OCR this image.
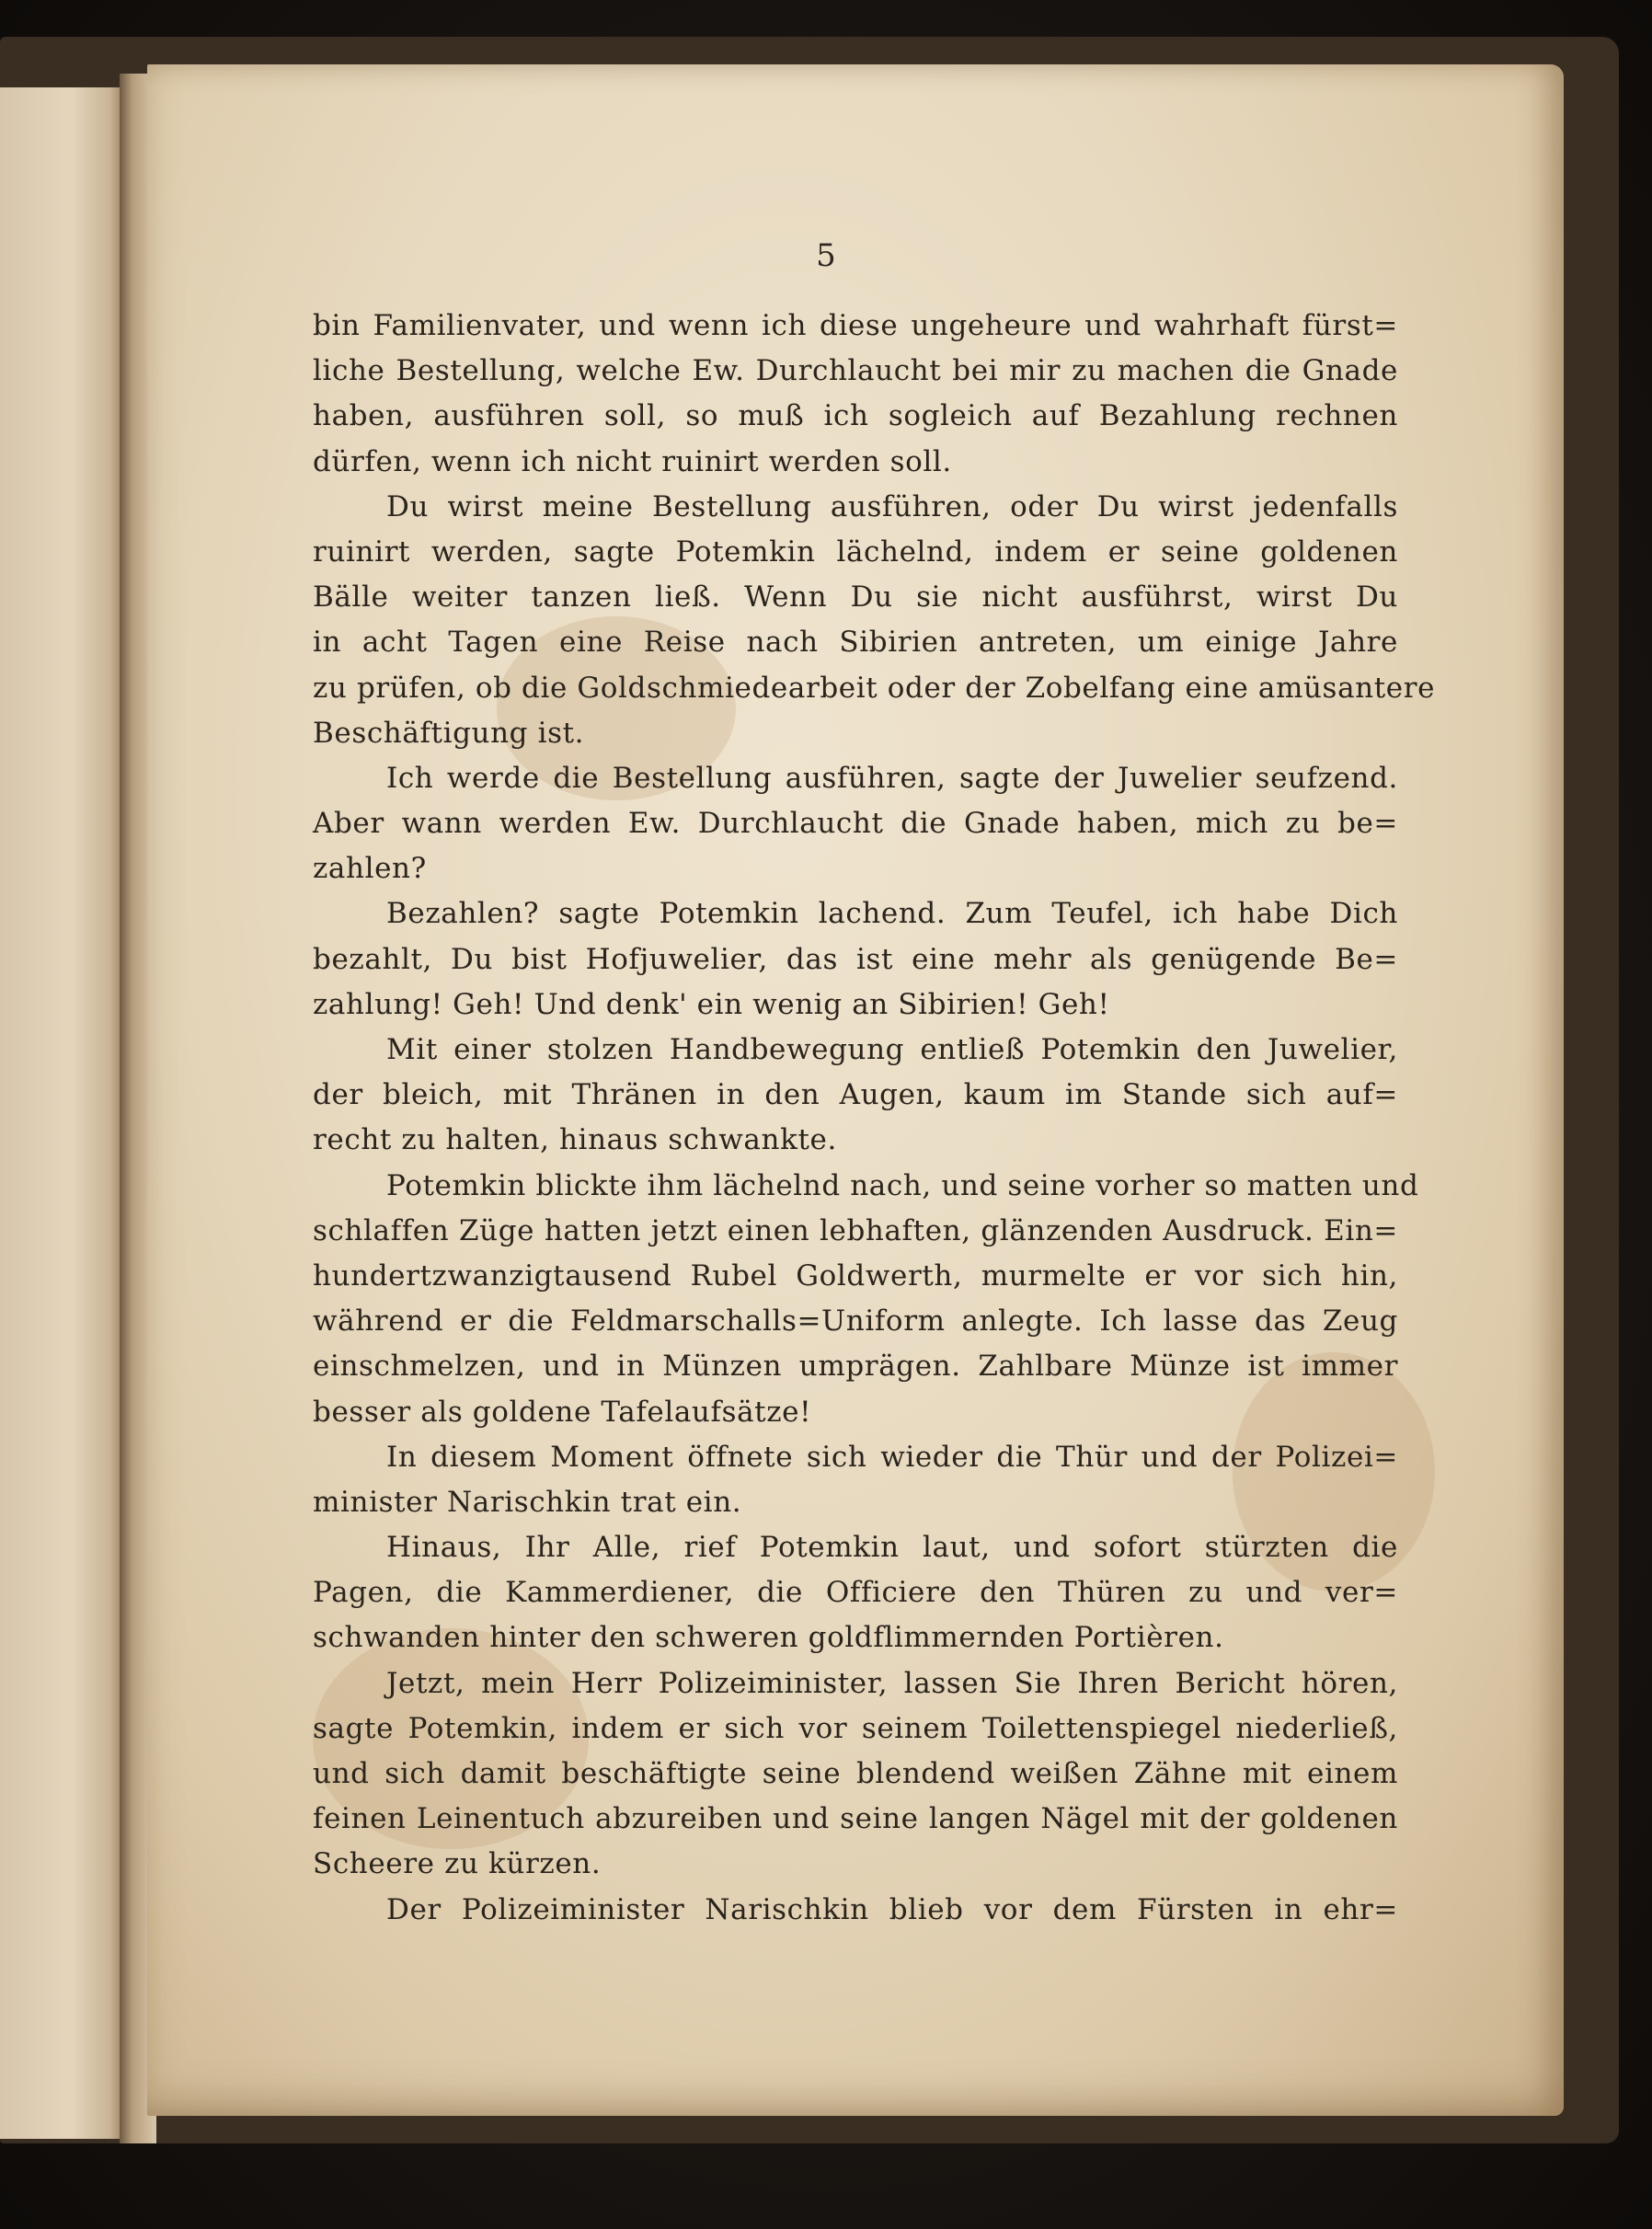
5
bin Familienvater, und wenn ich diese ungeheure und wahrhaft fürst=
liche Bestellung, welche Ew. Durchlaucht bei mir zu machen die Gnade
haben, ausführen soll, so muß ich sogleich auf Bezahlung rechnen
dürfen, wenn ich nicht ruinirt werden soll.
Du wirst meine Bestellung ausführen, oder Du wirst jedenfalls
ruinirt werden, sagte Potemkin lächelnd, indem er seine goldenen
Bälle weiter tanzen ließ. Wenn Du sie nicht ausführst, wirst Du
in acht Tagen eine Reise nach Sibirien antreten, um einige Jahre
zu prüfen, ob die Goldschmiedearbeit oder der Zobelfang eine amüsantere
Beschäftigung ist.
Ich werde die Bestellung ausführen, sagte der Juwelier seufzend.
Aber wann werden Ew. Durchlaucht die Gnade haben, mich zu be=
zahlen?
Bezahlen? sagte Potemkin lachend. Zum Teufel, ich habe Dich
bezahlt, Du bist Hofjuwelier, das ist eine mehr als genügende Be=
zahlung! Geh! Und denk' ein wenig an Sibirien! Geh!
Mit einer stolzen Handbewegung entließ Potemkin den Juwelier,
der bleich, mit Thränen in den Augen, kaum im Stande sich auf=
recht zu halten, hinaus schwankte.
Potemkin blickte ihm lächelnd nach, und seine vorher so matten und
schlaffen Züge hatten jetzt einen lebhaften, glänzenden Ausdruck. Ein=
hundertzwanzigtausend Rubel Goldwerth, murmelte er vor sich hin,
während er die Feldmarschalls=Uniform anlegte. Ich lasse das Zeug
einschmelzen, und in Münzen umprägen. Zahlbare Münze ist immer
besser als goldene Tafelaufsätze!
In diesem Moment öffnete sich wieder die Thür und der Polizei=
minister Narischkin trat ein.
Hinaus, Ihr Alle, rief Potemkin laut, und sofort stürzten die
Pagen, die Kammerdiener, die Officiere den Thüren zu und ver=
schwanden hinter den schweren goldflimmernden Portièren.
Jetzt, mein Herr Polizeiminister, lassen Sie Ihren Bericht hören,
sagte Potemkin, indem er sich vor seinem Toilettenspiegel niederließ,
und sich damit beschäftigte seine blendend weißen Zähne mit einem
feinen Leinentuch abzureiben und seine langen Nägel mit der goldenen
Scheere zu kürzen.
Der Polizeiminister Narischkin blieb vor dem Fürsten in ehr=
